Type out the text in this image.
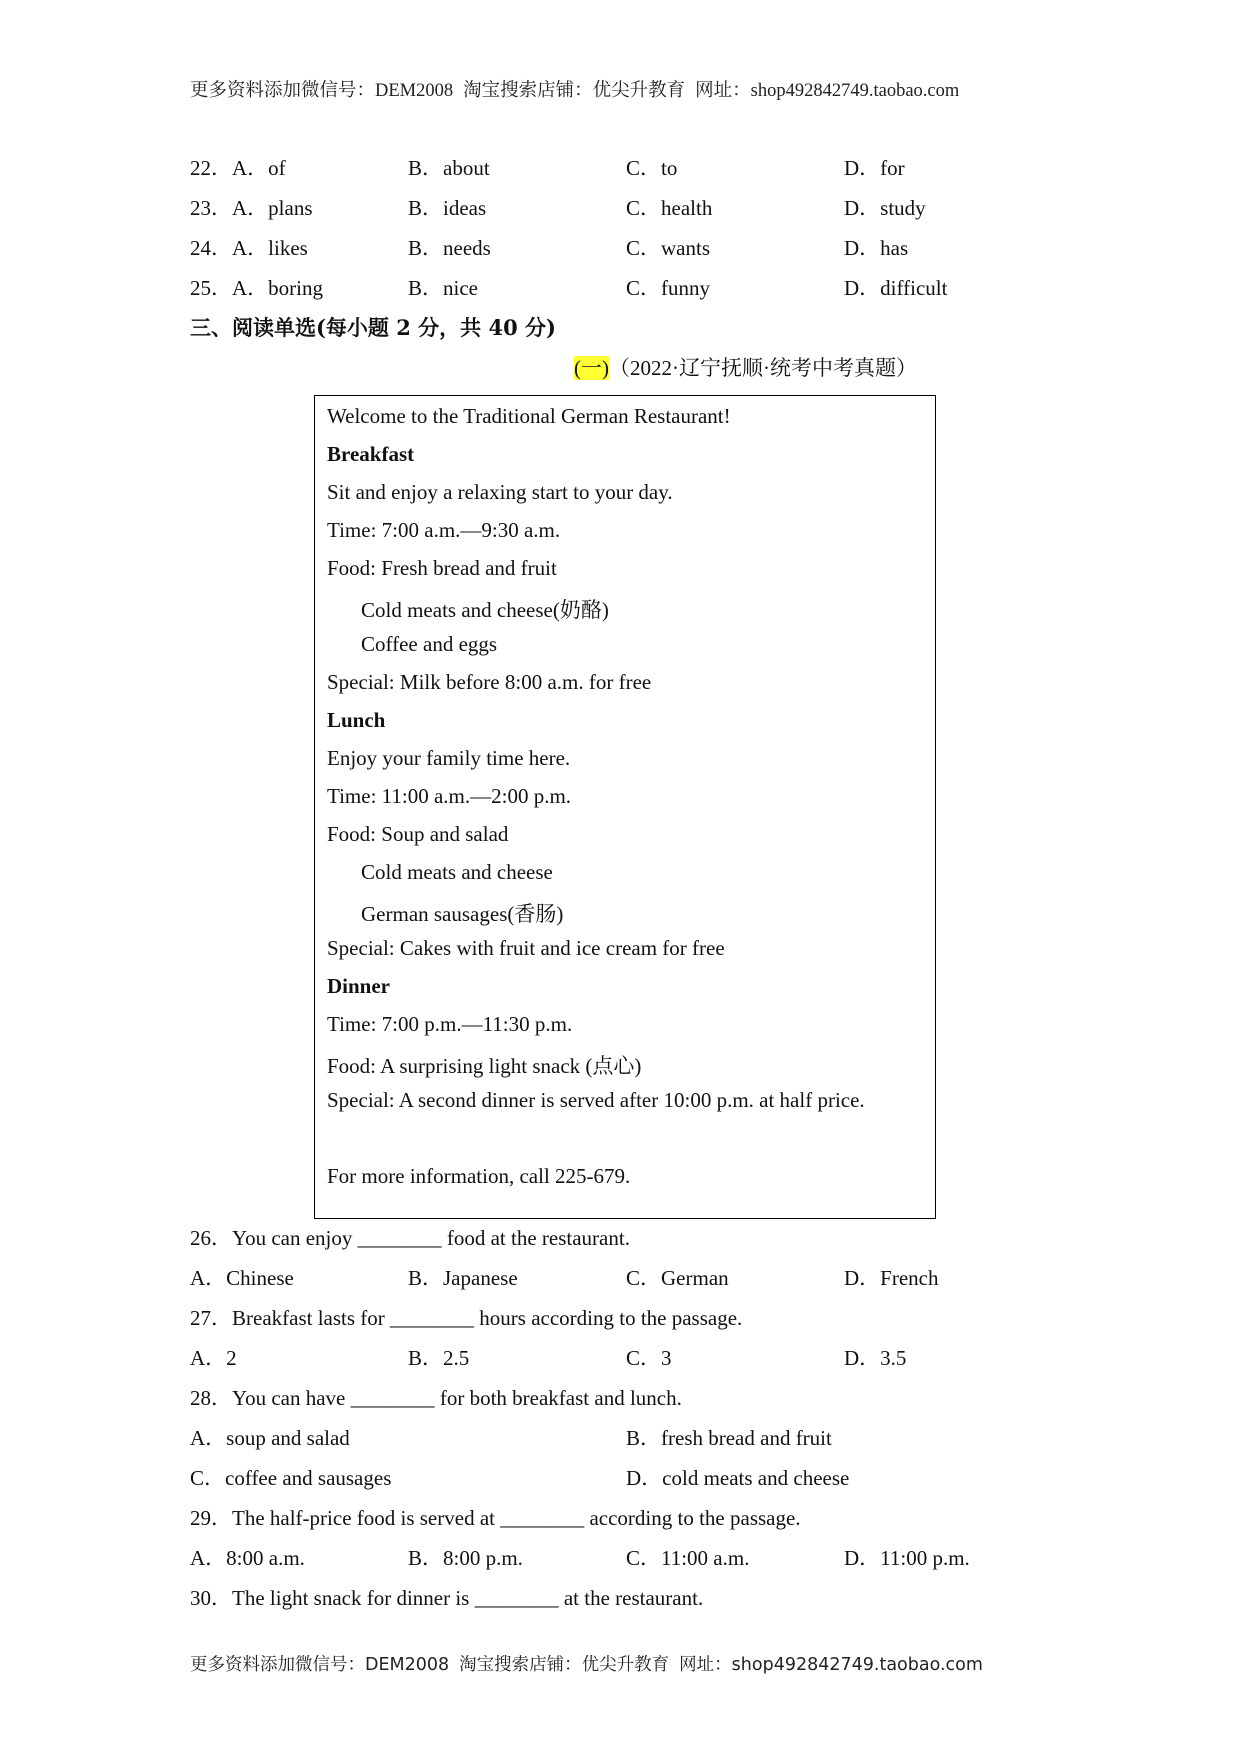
更多资料添加微信号：DEM2008 淘宝搜索店铺：优尖升教育 网址：shop492842749.taobao.com
22．A．of	B．about	C．to	D．for
23．A．plans	B．ideas	C．health	D．study
24．A．likes	B．needs	C．wants	D．has
25．A．boring	B．nice	C．funny	D．difficult
三、阅读单选(每小题 2 分，共 40 分)
(一)（2022·辽宁抚顺·统考中考真题）
Welcome to the Traditional German Restaurant!
Breakfast
Sit and enjoy a relaxing start to your day.
Time: 7:00 a.m.—9:30 a.m.
Food: Fresh bread and fruit
Cold meats and cheese(奶酪)
Coffee and eggs
Special: Milk before 8:00 a.m. for free
Lunch
Enjoy your family time here.
Time: 11:00 a.m.—2:00 p.m.
Food: Soup and salad
Cold meats and cheese
German sausages(香肠)
Special: Cakes with fruit and ice cream for free
Dinner
Time: 7:00 p.m.—11:30 p.m.
Food: A surprising light snack (点心)
Special: A second dinner is served after 10:00 p.m. at half price.
For more information, call 225-679.
26．You can enjoy ________ food at the restaurant.
A．Chinese	B．Japanese	C．German	D．French
27．Breakfast lasts for ________ hours according to the passage.
A．2	B．2.5	C．3	D．3.5
28．You can have ________ for both breakfast and lunch.
A．soup and salad	B．fresh bread and fruit
C．coffee and sausages	D．cold meats and cheese
29．The half-price food is served at ________ according to the passage.
A．8:00 a.m.	B．8:00 p.m.	C．11:00 a.m.	D．11:00 p.m.
30．The light snack for dinner is ________ at the restaurant.
更多资料添加微信号：DEM2008 淘宝搜索店铺：优尖升教育 网址：shop492842749.taobao.com
